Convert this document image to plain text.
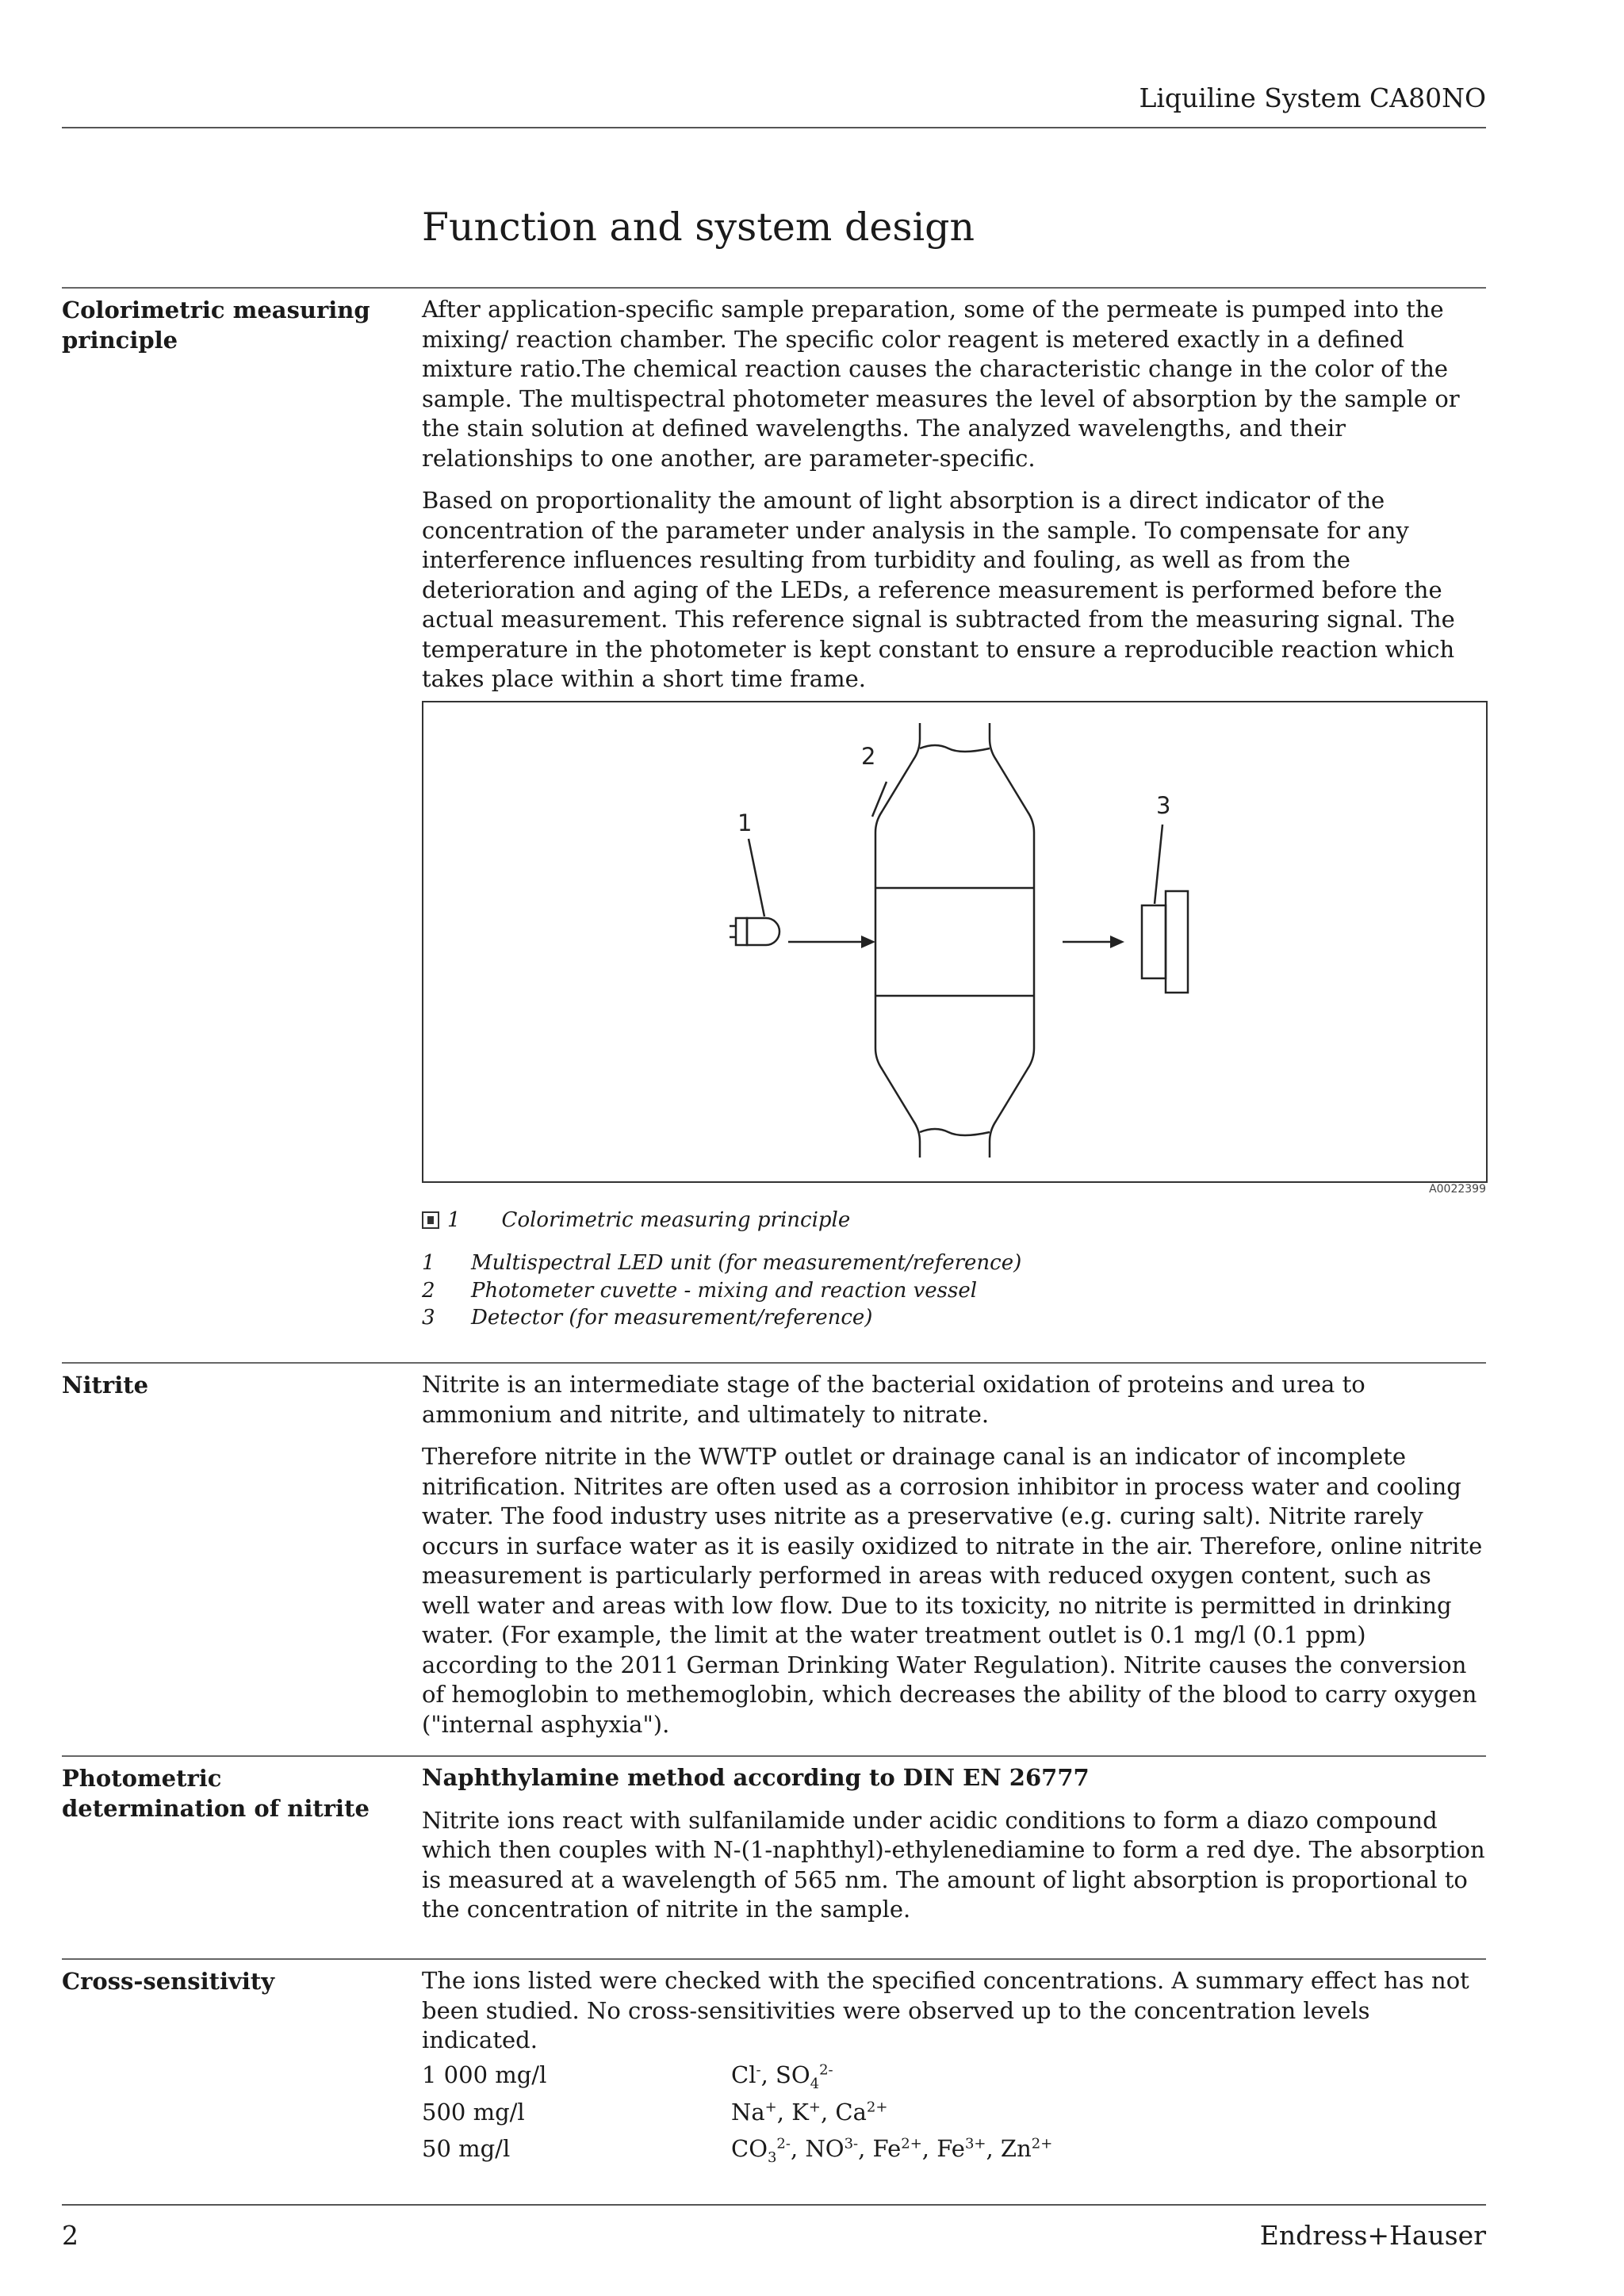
Liquiline System CA80NO
Function and system design
Colorimetric measuring principle

After application-specific sample preparation, some of the permeate is pumped into the mixing/ reaction chamber. The specific color reagent is metered exactly in a defined mixture ratio.The chemical reaction causes the characteristic change in the color of the sample. The multispectral photometer measures the level of absorption by the sample or the stain solution at defined wavelengths. The analyzed wavelengths, and their relationships to one another, are parameter-specific.

Based on proportionality the amount of light absorption is a direct indicator of the concentration of the parameter under analysis in the sample. To compensate for any interference influences resulting from turbidity and fouling, as well as from the deterioration and aging of the LEDs, a reference measurement is performed before the actual measurement. This reference signal is subtracted from the measuring signal. The temperature in the photometer is kept constant to ensure a reproducible reaction which takes place within a short time frame.

1
2
3
A0022399
1 Colorimetric measuring principle
1	Multispectral LED unit (for measurement/reference)
2	Photometer cuvette - mixing and reaction vessel
3	Detector (for measurement/reference)
Nitrite	Nitrite is an intermediate stage of the bacterial oxidation of proteins and urea to ammonium and nitrite, and ultimately to nitrate.

Therefore nitrite in the WWTP outlet or drainage canal is an indicator of incomplete nitrification. Nitrites are often used as a corrosion inhibitor in process water and cooling water. The food industry uses nitrite as a preservative (e.g. curing salt). Nitrite rarely occurs in surface water as it is easily oxidized to nitrate in the air. Therefore, online nitrite measurement is particularly performed in areas with reduced oxygen content, such as well water and areas with low flow. Due to its toxicity, no nitrite is permitted in drinking water. (For example, the limit at the water treatment outlet is 0.1 mg/l (0.1 ppm) according to the 2011 German Drinking Water Regulation). Nitrite causes the conversion of hemoglobin to methemoglobin, which decreases the ability of the blood to carry oxygen ("internal asphyxia").

Photometric determination of nitrite

Naphthylamine method according to DIN EN 26777

Nitrite ions react with sulfanilamide under acidic conditions to form a diazo compound which then couples with N-(1-naphthyl)-ethylenediamine to form a red dye. The absorption is measured at a wavelength of 565 nm. The amount of light absorption is proportional to the concentration of nitrite in the sample.

Cross-sensitivity	The ions listed were checked with the specified concentrations. A summary effect has not been studied. No cross-sensitivities were observed up to the concentration levels indicated.

1 000 mg/l	Cl-, $SO_4^{2-}$
500 mg/l	Na+, K+, $Ca^{2+}$
50 mg/l	$CO_3^{2-}$, $NO^{3-}$, $Fe^{2+}$, $Fe^{3+}$, $Zn^{2+}$
2	Endress+Hauser
